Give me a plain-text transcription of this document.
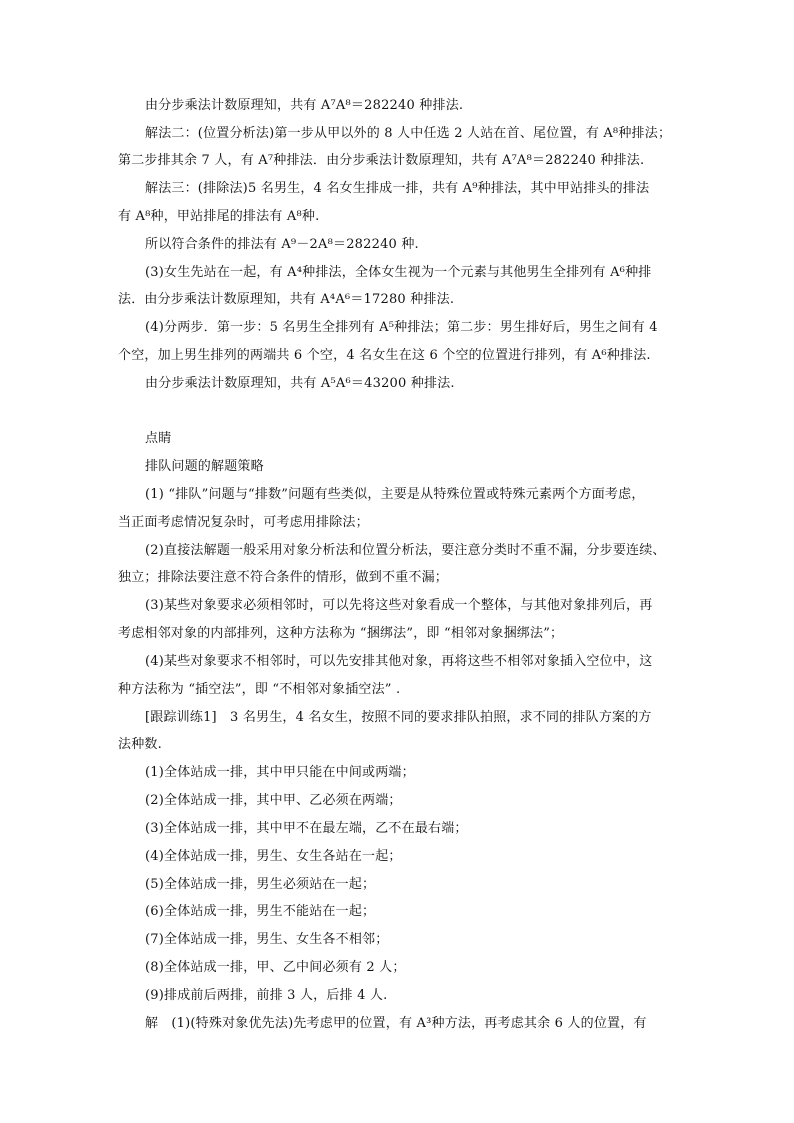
由分步乘法计数原理知，共有 A⁷A⁸＝282240 种排法.
解法二：(位置分析法)第一步从甲以外的 8 人中任选 2 人站在首、尾位置，有 A⁸种排法；
第二步排其余 7 人，有 A⁷种排法．由分步乘法计数原理知，共有 A⁷A⁸＝282240 种排法.
解法三：(排除法)5 名男生，4 名女生排成一排，共有 A⁹种排法，其中甲站排头的排法
有 A⁸种，甲站排尾的排法有 A⁸种.
所以符合条件的排法有 A⁹－2A⁸＝282240 种.
(3)女生先站在一起，有 A⁴种排法，全体女生视为一个元素与其他男生全排列有 A⁶种排
法．由分步乘法计数原理知，共有 A⁴A⁶＝17280 种排法.
(4)分两步．第一步：5 名男生全排列有 A⁵种排法；第二步：男生排好后，男生之间有 4
个空，加上男生排列的两端共 6 个空，4 名女生在这 6 个空的位置进行排列，有 A⁶种排法.
由分步乘法计数原理知，共有 A⁵A⁶＝43200 种排法.
点睛
排队问题的解题策略
(1) “排队”问题与“排数”问题有些类似，主要是从特殊位置或特殊元素两个方面考虑，
当正面考虑情况复杂时，可考虑用排除法；
(2)直接法解题一般采用对象分析法和位置分析法，要注意分类时不重不漏，分步要连续、
独立；排除法要注意不符合条件的情形，做到不重不漏；
(3)某些对象要求必须相邻时，可以先将这些对象看成一个整体，与其他对象排列后，再
考虑相邻对象的内部排列，这种方法称为 “捆绑法”，即 “相邻对象捆绑法”；
(4)某些对象要求不相邻时，可以先安排其他对象，再将这些不相邻对象插入空位中，这
种方法称为 “插空法”，即 “不相邻对象插空法” .
[跟踪训练1]　3 名男生，4 名女生，按照不同的要求排队拍照，求不同的排队方案的方
法种数.
(1)全体站成一排，其中甲只能在中间或两端；
(2)全体站成一排，其中甲、乙必须在两端；
(3)全体站成一排，其中甲不在最左端，乙不在最右端；
(4)全体站成一排，男生、女生各站在一起；
(5)全体站成一排，男生必须站在一起；
(6)全体站成一排，男生不能站在一起；
(7)全体站成一排，男生、女生各不相邻；
(8)全体站成一排，甲、乙中间必须有 2 人；
(9)排成前后两排，前排 3 人，后排 4 人.
解　(1)(特殊对象优先法)先考虑甲的位置，有 A³种方法，再考虑其余 6 人的位置，有
